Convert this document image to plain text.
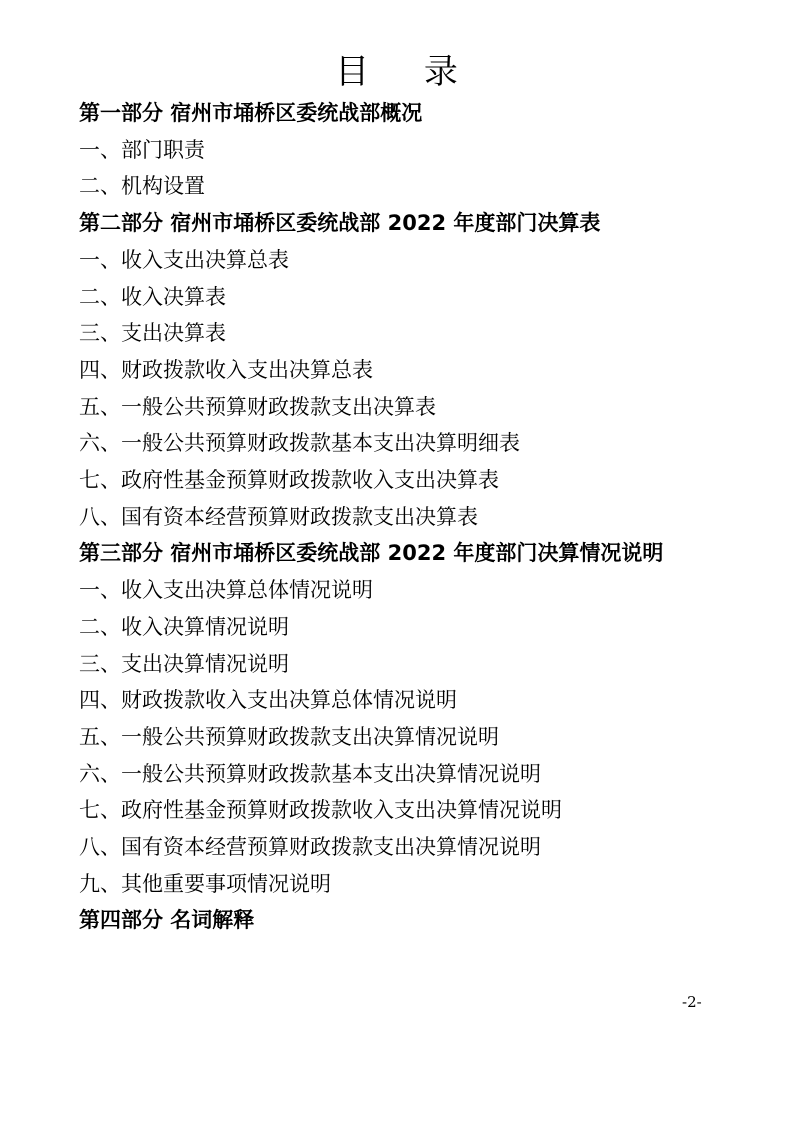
目 录
第一部分 宿州市埇桥区委统战部概况
一、部门职责
二、机构设置
第二部分 宿州市埇桥区委统战部 2022 年度部门决算表
一、收入支出决算总表
二、收入决算表
三、支出决算表
四、财政拨款收入支出决算总表
五、一般公共预算财政拨款支出决算表
六、一般公共预算财政拨款基本支出决算明细表
七、政府性基金预算财政拨款收入支出决算表
八、国有资本经营预算财政拨款支出决算表
第三部分 宿州市埇桥区委统战部 2022 年度部门决算情况说明
一、收入支出决算总体情况说明
二、收入决算情况说明
三、支出决算情况说明
四、财政拨款收入支出决算总体情况说明
五、一般公共预算财政拨款支出决算情况说明
六、一般公共预算财政拨款基本支出决算情况说明
七、政府性基金预算财政拨款收入支出决算情况说明
八、国有资本经营预算财政拨款支出决算情况说明
九、其他重要事项情况说明
第四部分 名词解释
-2-
